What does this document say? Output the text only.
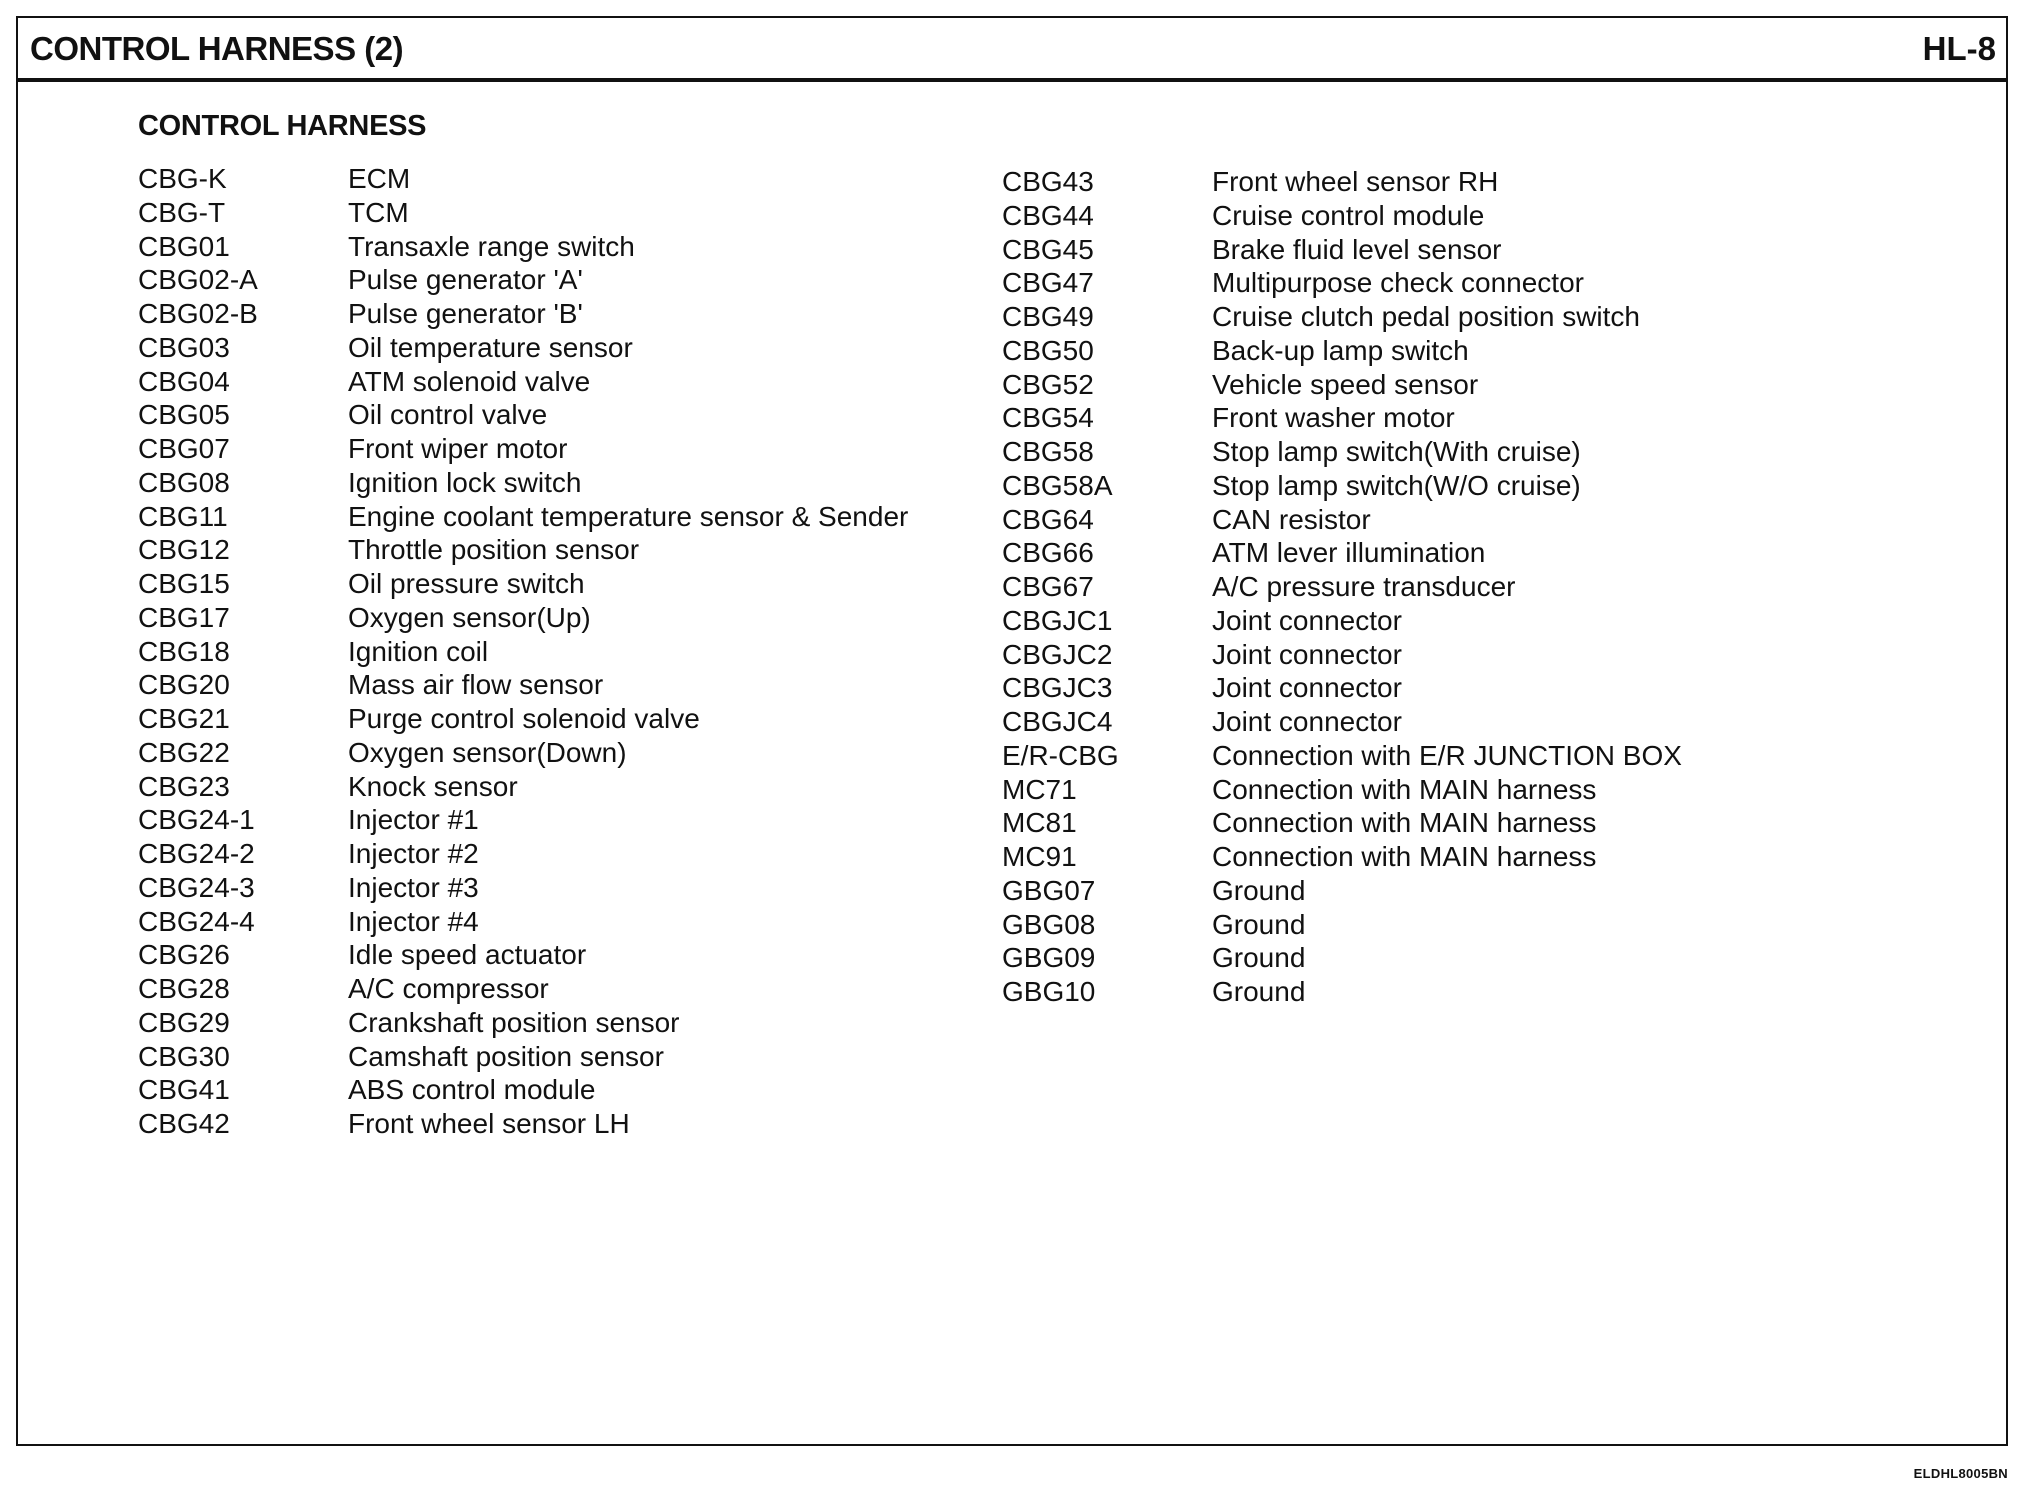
CONTROL HARNESS (2)	HL-8
CONTROL HARNESS
CBG-K	ECM
CBG-T	TCM
CBG01	Transaxle range switch
CBG02-A	Pulse generator 'A'
CBG02-B	Pulse generator 'B'
CBG03	Oil temperature sensor
CBG04	ATM solenoid valve
CBG05	Oil control valve
CBG07	Front wiper motor
CBG08	Ignition lock switch
CBG11	Engine coolant temperature sensor & Sender
CBG12	Throttle position sensor
CBG15	Oil pressure switch
CBG17	Oxygen sensor(Up)
CBG18	Ignition coil
CBG20	Mass air flow sensor
CBG21	Purge control solenoid valve
CBG22	Oxygen sensor(Down)
CBG23	Knock sensor
CBG24-1	Injector #1
CBG24-2	Injector #2
CBG24-3	Injector #3
CBG24-4	Injector #4
CBG26	Idle speed actuator
CBG28	A/C compressor
CBG29	Crankshaft position sensor
CBG30	Camshaft position sensor
CBG41	ABS control module
CBG42	Front wheel sensor LH
CBG43	Front wheel sensor RH
CBG44	Cruise control module
CBG45	Brake fluid level sensor
CBG47	Multipurpose check connector
CBG49	Cruise clutch pedal position switch
CBG50	Back-up lamp switch
CBG52	Vehicle speed sensor
CBG54	Front washer motor
CBG58	Stop lamp switch(With cruise)
CBG58A	Stop lamp switch(W/O cruise)
CBG64	CAN resistor
CBG66	ATM lever illumination
CBG67	A/C pressure transducer
CBGJC1	Joint connector
CBGJC2	Joint connector
CBGJC3	Joint connector
CBGJC4	Joint connector
E/R-CBG	Connection with E/R JUNCTION BOX
MC71	Connection with MAIN harness
MC81	Connection with MAIN harness
MC91	Connection with MAIN harness
GBG07	Ground
GBG08	Ground
GBG09	Ground
GBG10	Ground
ELDHL8005BN
